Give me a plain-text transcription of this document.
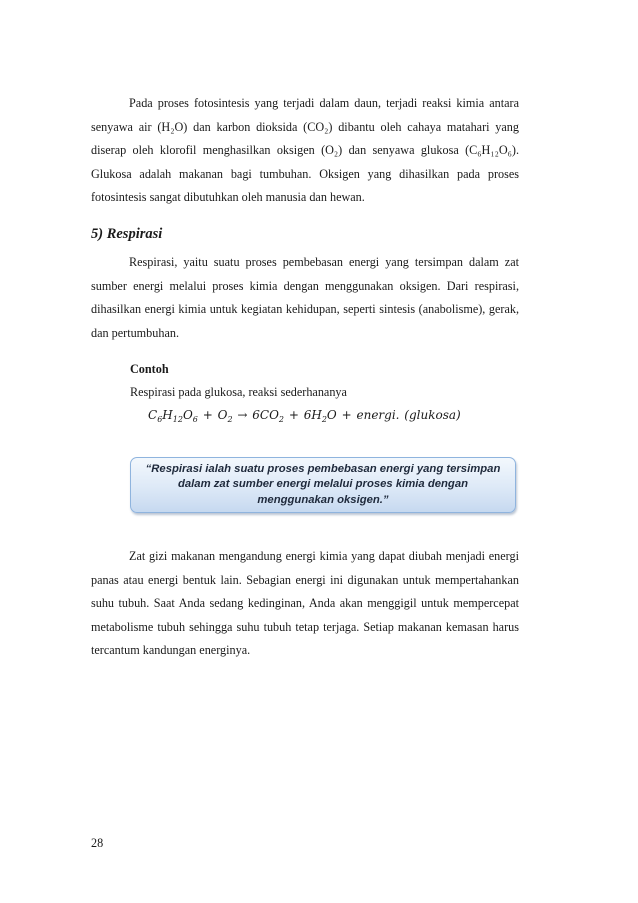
Pada proses fotosintesis yang terjadi dalam daun, terjadi reaksi kimia antara senyawa air (H₂O) dan karbon dioksida (CO₂) dibantu oleh cahaya matahari yang diserap oleh klorofil menghasilkan oksigen (O₂) dan senyawa glukosa (C₆H₁₂O₆). Glukosa adalah makanan bagi tumbuhan. Oksigen yang dihasilkan pada proses fotosintesis sangat dibutuhkan oleh manusia dan hewan.

5) Respirasi

Respirasi, yaitu suatu proses pembebasan energi yang tersimpan dalam zat sumber energi melalui proses kimia dengan menggunakan oksigen. Dari respirasi, dihasilkan energi kimia untuk kegiatan kehidupan, seperti sintesis (anabolisme), gerak, dan pertumbuhan.

Contoh
Respirasi pada glukosa, reaksi sederhananya
$C_6H_{12}O_6 + O_2 \to 6CO_2 + 6H_2O$ + energi. (glukosa)
“Respirasi ialah suatu proses pembebasan energi yang tersimpan dalam zat sumber energi melalui proses kimia dengan menggunakan oksigen.”

Zat gizi makanan mengandung energi kimia yang dapat diubah menjadi energi panas atau energi bentuk lain. Sebagian energi ini digunakan untuk mempertahankan suhu tubuh. Saat Anda sedang kedinginan, Anda akan menggigil untuk mempercepat metabolisme tubuh sehingga suhu tubuh tetap terjaga. Setiap makanan kemasan harus tercantum kandungan energinya.

28
